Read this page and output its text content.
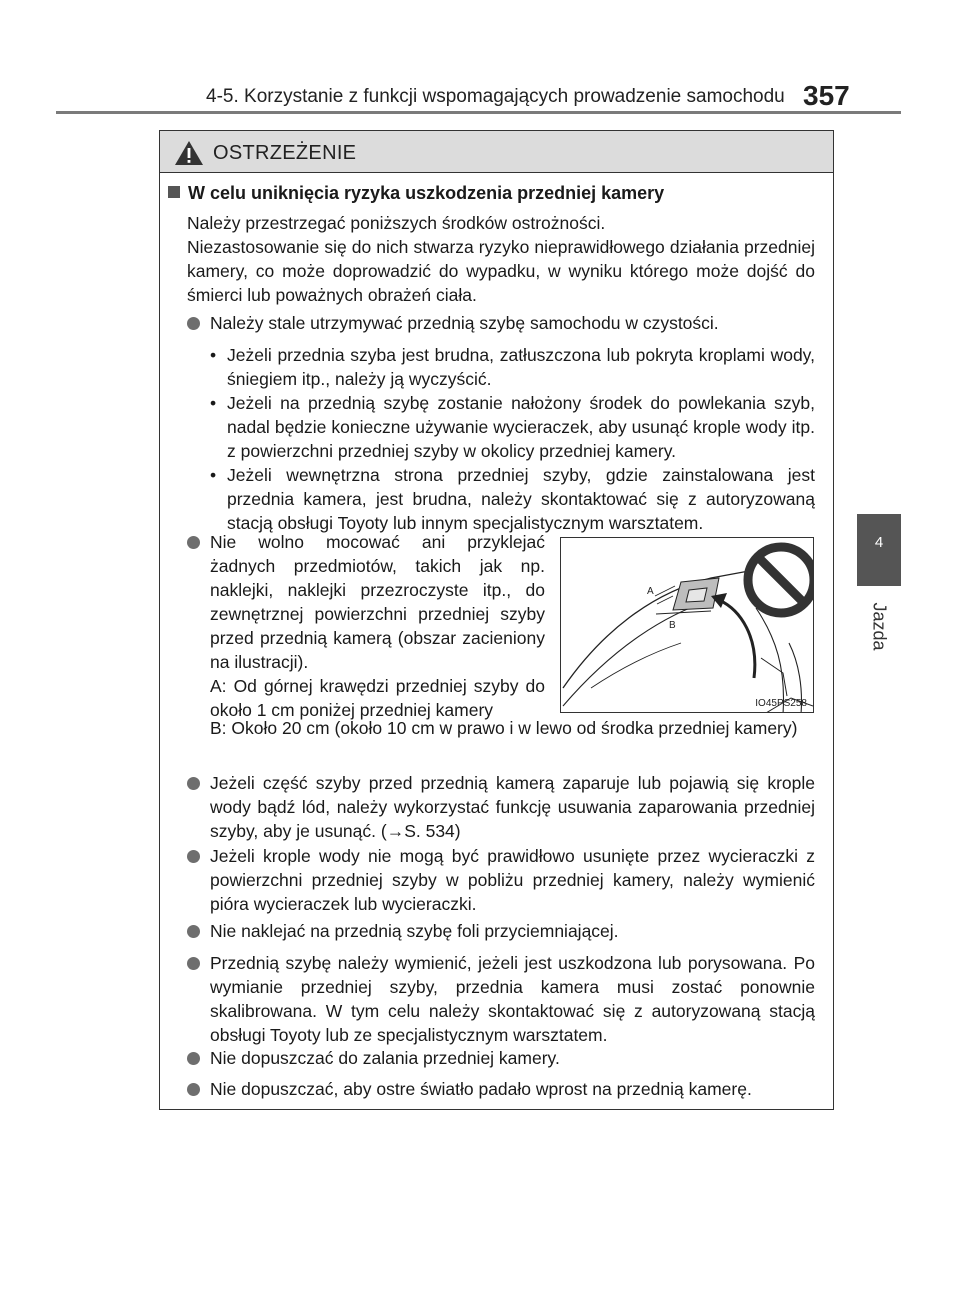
4-5. Korzystanie z funkcji wspomagających prowadzenie samochodu 357
4
Jazda
OSTRZEŻENIE
W celu uniknięcia ryzyka uszkodzenia przedniej kamery
Należy przestrzegać poniższych środków ostrożności.
Niezastosowanie się do nich stwarza ryzyko nieprawidłowego działania przedniej kamery, co może doprowadzić do wypadku, w wyniku którego może dojść do śmierci lub poważnych obrażeń ciała.
Należy stale utrzymywać przednią szybę samochodu w czystości.
• Jeżeli przednia szyba jest brudna, zatłuszczona lub pokryta kroplami wody, śniegiem itp., należy ją wyczyścić.
• Jeżeli na przednią szybę zostanie nałożony środek do powlekania szyb, nadal będzie konieczne używanie wycieraczek, aby usunąć krople wody itp. z powierzchni przedniej szyby w okolicy przedniej kamery.
• Jeżeli wewnętrzna strona przedniej szyby, gdzie zainstalowana jest przednia kamera, jest brudna, należy skontaktować się z autoryzowaną stacją obsługi Toyoty lub innym specjalistycznym warsztatem.
Nie wolno mocować ani przyklejać żadnych przedmiotów, takich jak np. naklejki, naklejki przezroczyste itp., do zewnętrznej powierzchni przedniej szyby przed przednią kamerą (obszar zacieniony na ilustracji).
A: Od górnej krawędzi przedniej szyby do około 1 cm poniżej przedniej kamery
B: Około 20 cm (około 10 cm w prawo i w lewo od środka przedniej kamery)
A
B
IO45PS258
Jeżeli część szyby przed przednią kamerą zaparuje lub pojawią się krople wody bądź lód, należy wykorzystać funkcję usuwania zaparowania przedniej szyby, aby je usunąć. (→S. 534)
Jeżeli krople wody nie mogą być prawidłowo usunięte przez wycieraczki z powierzchni przedniej szyby w pobliżu przedniej kamery, należy wymienić pióra wycieraczek lub wycieraczki.
Nie naklejać na przednią szybę foli przyciemniającej.
Przednią szybę należy wymienić, jeżeli jest uszkodzona lub porysowana. Po wymianie przedniej szyby, przednia kamera musi zostać ponownie skalibrowana. W tym celu należy skontaktować się z autoryzowaną stacją obsługi Toyoty lub ze specjalistycznym warsztatem.
Nie dopuszczać do zalania przedniej kamery.
Nie dopuszczać, aby ostre światło padało wprost na przednią kamerę.
